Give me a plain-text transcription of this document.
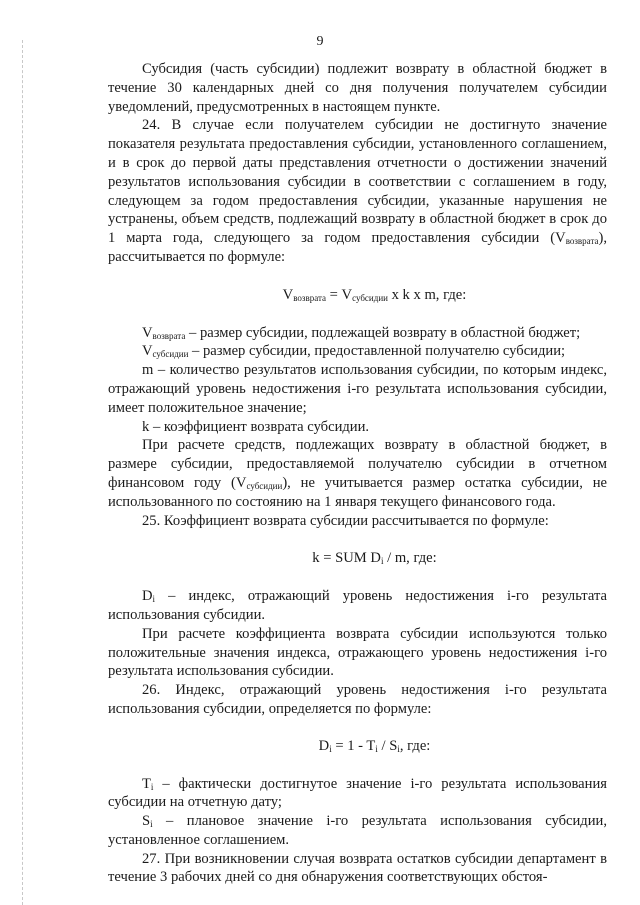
9

Субсидия (часть субсидии) подлежит возврату в областной бюджет в течение 30 календарных дней со дня получения получателем субсидии уведомлений, предусмотренных в настоящем пункте.

24. В случае если получателем субсидии не достигнуто значение показателя результата предоставления субсидии, установленного соглашением, и в срок до первой даты представления отчетности о достижении значений результатов использования субсидии в соответствии с соглашением в году, следующем за годом предоставления субсидии, указанные нарушения не устранены, объем средств, подлежащий возврату в областной бюджет в срок до 1 марта года, следующего за годом предоставления субсидии $(V_{возврата})$, рассчитывается по формуле:

$V_{возврата} = V_{субсидии}$ x k x m, где:

$V_{возврата}$ – размер субсидии, подлежащей возврату в областной бюджет;

$V_{субсидии}$ – размер субсидии, предоставленной получателю субсидии;

m – количество результатов использования субсидии, по которым индекс, отражающий уровень недостижения i-го результата использования субсидии, имеет положительное значение;

k – коэффициент возврата субсидии.

При расчете средств, подлежащих возврату в областной бюджет, в размере субсидии, предоставляемой получателю субсидии в отчетном финансовом году $(V_{субсидии})$, не учитывается размер остатка субсидии, не использованного по состоянию на 1 января текущего финансового года.

25. Коэффициент возврата субсидии рассчитывается по формуле:

k = SUM $D_i$ / m, где:

$D_i$ – индекс, отражающий уровень недостижения i-го результата использования субсидии.

При расчете коэффициента возврата субсидии используются только положительные значения индекса, отражающего уровень недостижения i-го результата использования субсидии.

26. Индекс, отражающий уровень недостижения i-го результата использования субсидии, определяется по формуле:

$D_i = 1 - T_i / S_i$, где:

$T_i$ – фактически достигнутое значение i-го результата использования субсидии на отчетную дату;

$S_i$ – плановое значение i-го результата использования субсидии, установленное соглашением.

27. При возникновении случая возврата остатков субсидии департамент в течение 3 рабочих дней со дня обнаружения соответствующих обстоя-
